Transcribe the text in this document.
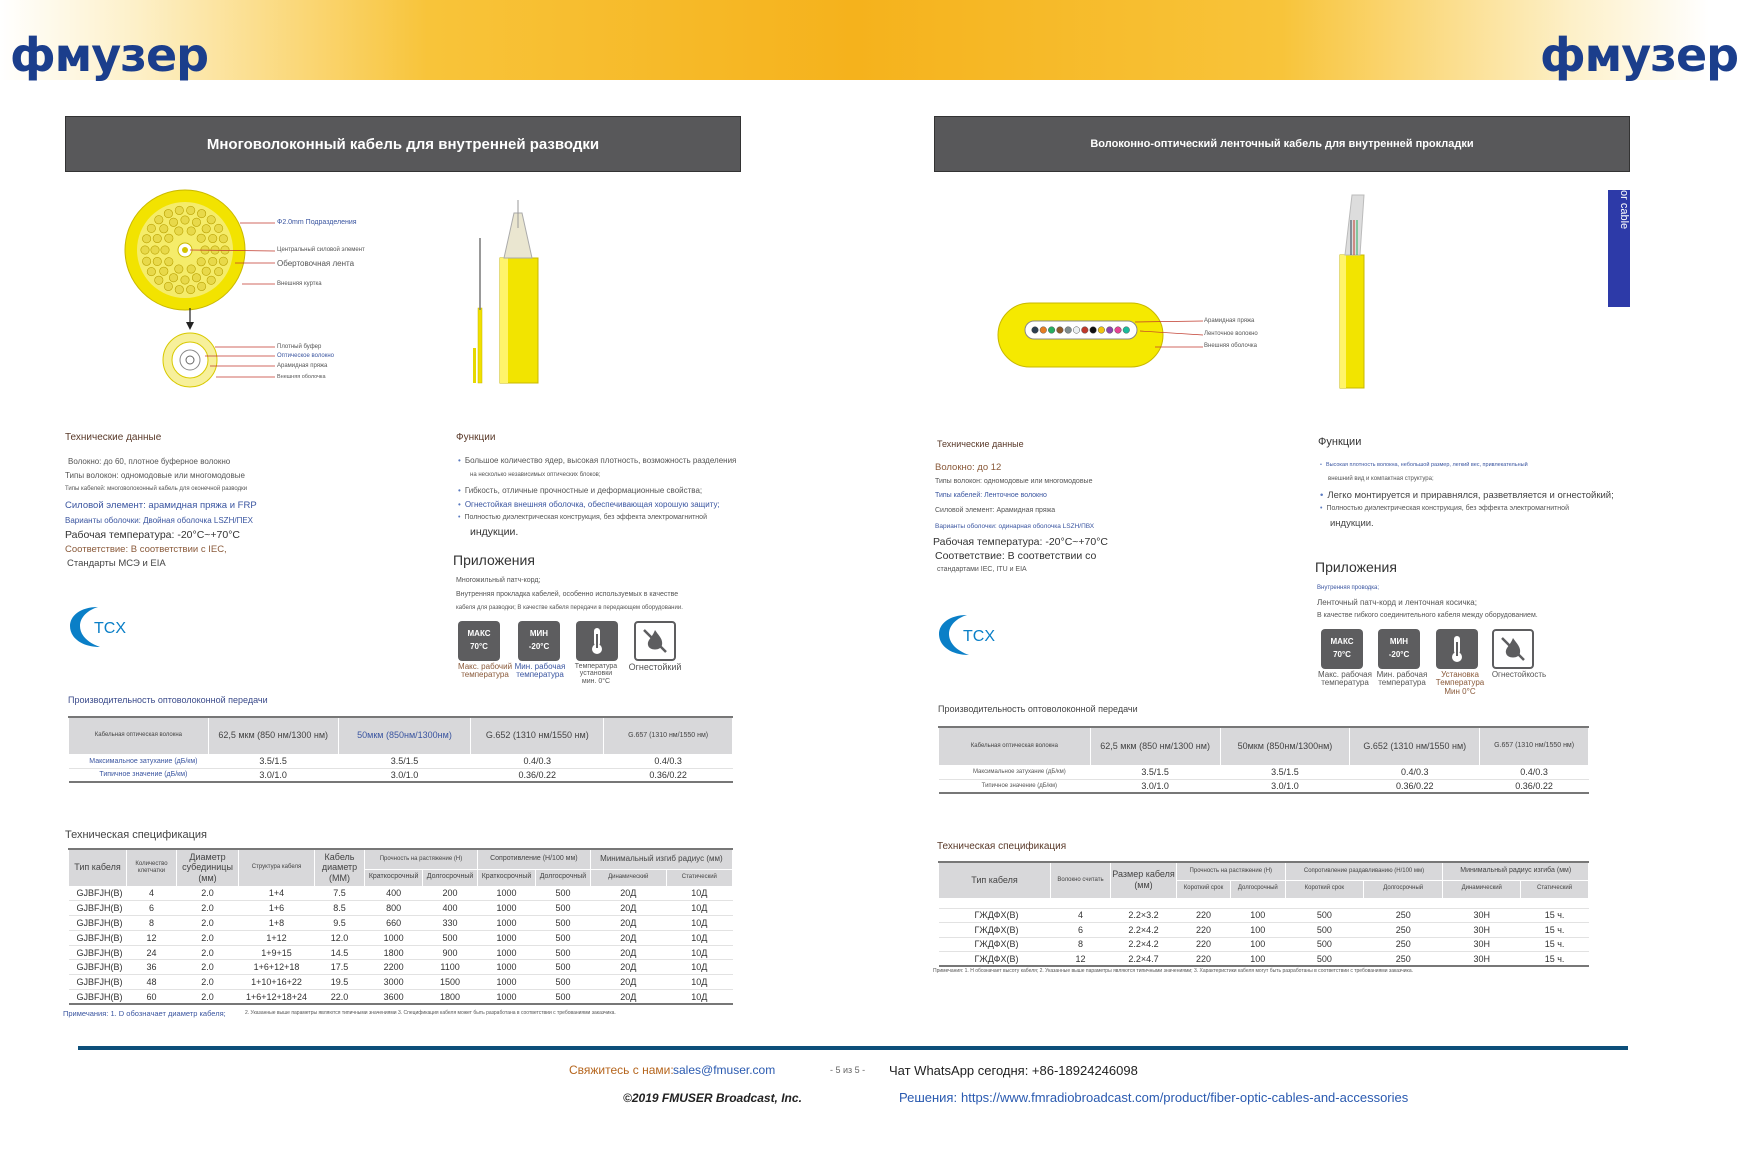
фмузер	фмузер
Многоволоконный кабель для внутренней разводки
Ф2.0mm Подразделения
Центральный силовой элемент
Обертовочная лента
Внешняя куртка
Плотный буфер
Оптическое волокно
Арамидная пряжа
Внешняя оболочка
Технические данные
Волокно: до 60, плотное буферное волокно
Типы волокон: одномодовые или многомодовые
Типы кабелей: многоволоконный кабель для оконечной разводки
Силовой элемент: арамидная пряжа и FRP
Варианты оболочки: Двойная оболочка LSZH/ПЕХ
Рабочая температура: -20°C~+70°C
Соответствие: В соответствии с IEC,
Стандарты МСЭ и EIA
Функции
• Большое количество ядер, высокая плотность, возможность разделения
на несколько независимых оптических блоков;
• Гибкость, отличные прочностные и деформационные свойства;
• Огнестойкая внешняя оболочка, обеспечивающая хорошую защиту;
• Полностью диэлектрическая конструкция, без эффекта электромагнитной
индукции.
Приложения
Многожильный патч-корд;
Внутренняя прокладка кабелей, особенно используемых в качестве
кабеля для разводки; В качестве кабеля передачи в передающем оборудовании.
МАКС
70°C
МИН
-20°C
Макс. рабочий температура
Мин. рабочая температура
Температура установки мин. 0°C
Огнестойкий
TCX
Производительность оптоволоконной передачи
Кабельная оптическая волокна	62,5 мкм (850 нм/1300 нм)	50мкм (850нм/1300нм)	G.652 (1310 нм/1550 нм)	G.657 (1310 нм/1550 нм)
Максимальное затухание (дБ/км)	3.5/1.5	3.5/1.5	0.4/0.3	0.4/0.3
Типичное значение (дБ/км)	3.0/1.0	3.0/1.0	0.36/0.22	0.36/0.22
Техническая спецификация
Тип кабеля	Количество клетчатки	Диаметр субединицы (мм)	Структура кабеля	Кабель диаметр (ММ)	Прочность на растяжение (Н)		Сопротивление (Н/100 мм)		Минимальный изгиб радиус (мм)	
					Краткосрочный	Долгосрочный	Краткосрочный	Долгосрочный	Динамический	Статический
GJBFJH(B)	4	2.0	1+4	7.5	400	200	1000	500	20Д	10Д
GJBFJH(B)	6	2.0	1+6	8.5	800	400	1000	500	20Д	10Д
GJBFJH(B)	8	2.0	1+8	9.5	660	330	1000	500	20Д	10Д
GJBFJH(B)	12	2.0	1+12	12.0	1000	500	1000	500	20Д	10Д
GJBFJH(B)	24	2.0	1+9+15	14.5	1800	900	1000	500	20Д	10Д
GJBFJH(B)	36	2.0	1+6+12+18	17.5	2200	1100	1000	500	20Д	10Д
GJBFJH(B)	48	2.0	1+10+16+22	19.5	3000	1500	1000	500	20Д	10Д
GJBFJH(B)	60	2.0	1+6+12+18+24	22.0	3600	1800	1000	500	20Д	10Д
Примечания: 1. D обозначает диаметр кабеля;	2. Указанные выше параметры являются типичными значениями 3. Спецификация кабеля может быть разработана в соответствии с требованиями заказчика.
Волоконно-оптический ленточный кабель для внутренней прокладки
or cable
Арамидная пряжа
Ленточное волокно
Внешняя оболочка
Технические данные
Волокно: до 12
Типы волокон: одномодовые или многомодовые
Типы кабелей: Ленточное волокно
Силовой элемент: Арамидная пряжа
Варианты оболочки: одинарная оболочка LSZH/ПВХ
Рабочая температура: -20°C~+70°C
Соответствие: В соответствии со
стандартами IEC, ITU и EIA
Функции
• Высокая плотность волокна, небольшой размер, легкий вес, привлекательный
внешний вид и компактная структура;
• Легко монтируется и приравнялся, разветвляется и огнестойкий;
• Полностью диэлектрическая конструкция, без эффекта электромагнитной
индукции.
Приложения
Внутренняя проводка;
Ленточный патч-корд и ленточная косичка;
В качестве гибкого соединительного кабеля между оборудованием.
МАКС
70°C
МИН
-20°C
Макс. рабочая температура
Мин. рабочая температура
Установка Температура Мин 0°C
Огнестойкость
TCX
Производительность оптоволоконной передачи
Кабельная оптическая волокна	62,5 мкм (850 нм/1300 нм)	50мкм (850нм/1300нм)	G.652 (1310 нм/1550 нм)	G.657 (1310 нм/1550 нм)
Максимальное затухание (дБ/км)	3.5/1.5	3.5/1.5	0.4/0.3	0.4/0.3
Типичное значение (дБ/км)	3.0/1.0	3.0/1.0	0.36/0.22	0.36/0.22
Техническая спецификация
Тип кабеля	Волокно считать	Размер кабеля (мм)	Прочность на растяжение (Н)		Сопротивление раздавливанию (Н/100 мм)		Минимальный радиус изгиба (мм)	
			Короткий срок	Долгосрочный	Короткий срок	Долгосрочный	Динамический	Статический

ГЖДФХ(В)	4	2.2×3.2	220	100	500	250	30Н	15 ч.
ГЖДФХ(В)	6	2.2×4.2	220	100	500	250	30Н	15 ч.
ГЖДФХ(В)	8	2.2×4.2	220	100	500	250	30Н	15 ч.
ГЖДФХ(В)	12	2.2×4.7	220	100	500	250	30Н	15 ч.
Примечания: 1. Н обозначает высоту кабеля; 2. Указанные выше параметры являются типичными значениями; 3. Характеристики кабеля могут быть разработаны в соответствии с требованиями заказчика.
Свяжитесь с нами: sales@fmuser.com	- 5 из 5 - Чат WhatsApp сегодня: +86-18924246098
©2019 FMUSER Broadcast, Inc.	Решения: https://www.fmradiobroadcast.com/product/fiber-optic-cables-and-accessories
